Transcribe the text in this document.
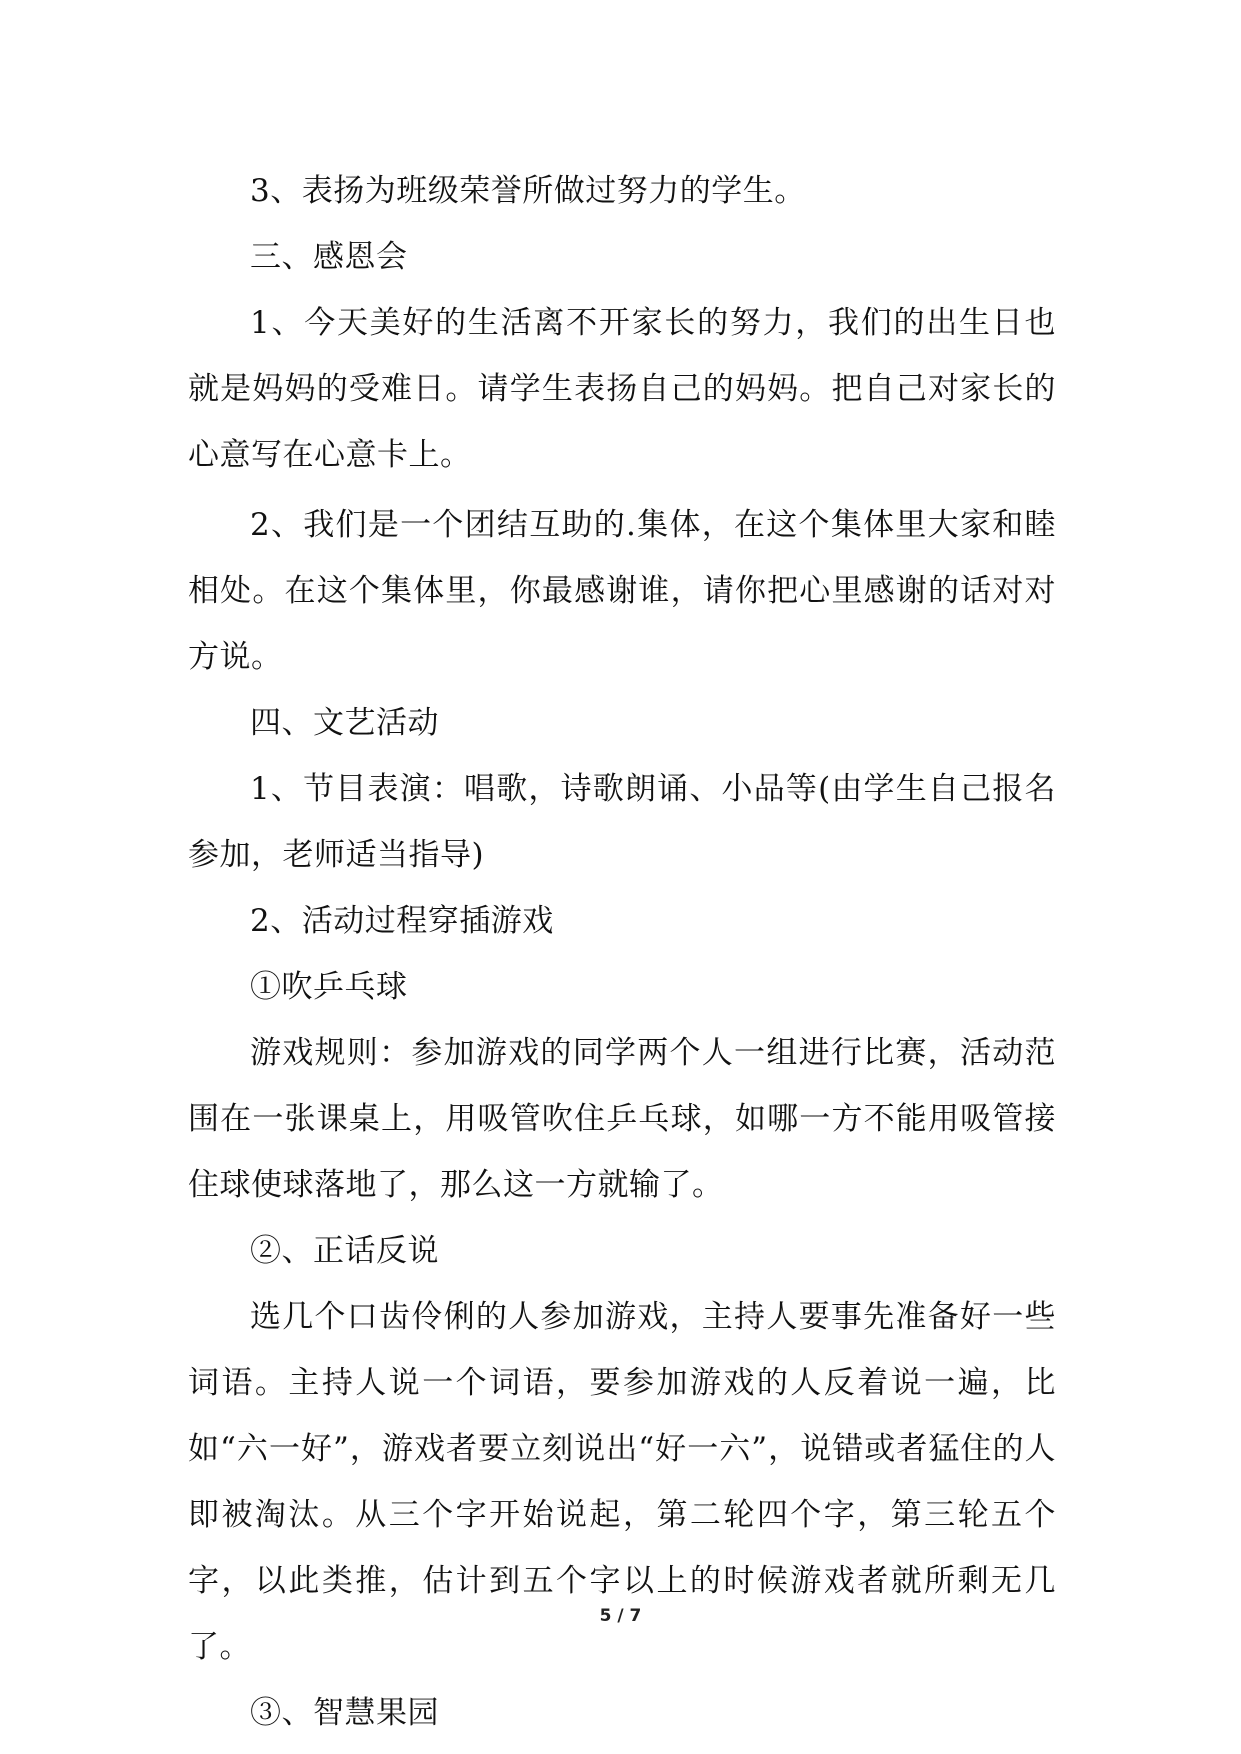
3、表扬为班级荣誉所做过努力的学生。

三、感恩会

1、今天美好的生活离不开家长的努力，我们的出生日也就是妈妈的受难日。请学生表扬自己的妈妈。把自己对家长的心意写在心意卡上。

2、我们是一个团结互助的.集体，在这个集体里大家和睦相处。在这个集体里，你最感谢谁，请你把心里感谢的话对对方说。

四、文艺活动

1、节目表演：唱歌，诗歌朗诵、小品等(由学生自己报名参加，老师适当指导)

2、活动过程穿插游戏

①吹乒乓球

游戏规则：参加游戏的同学两个人一组进行比赛，活动范围在一张课桌上，用吸管吹住乒乓球，如哪一方不能用吸管接住球使球落地了，那么这一方就输了。

②、正话反说

选几个口齿伶俐的人参加游戏，主持人要事先准备好一些词语。主持人说一个词语，要参加游戏的人反着说一遍，比如“六一好”，游戏者要立刻说出“好一六”，说错或者猛住的人即被淘汰。从三个字开始说起，第二轮四个字，第三轮五个字，以此类推，估计到五个字以上的时候游戏者就所剩无几了。

③、智慧果园

5 / 7
